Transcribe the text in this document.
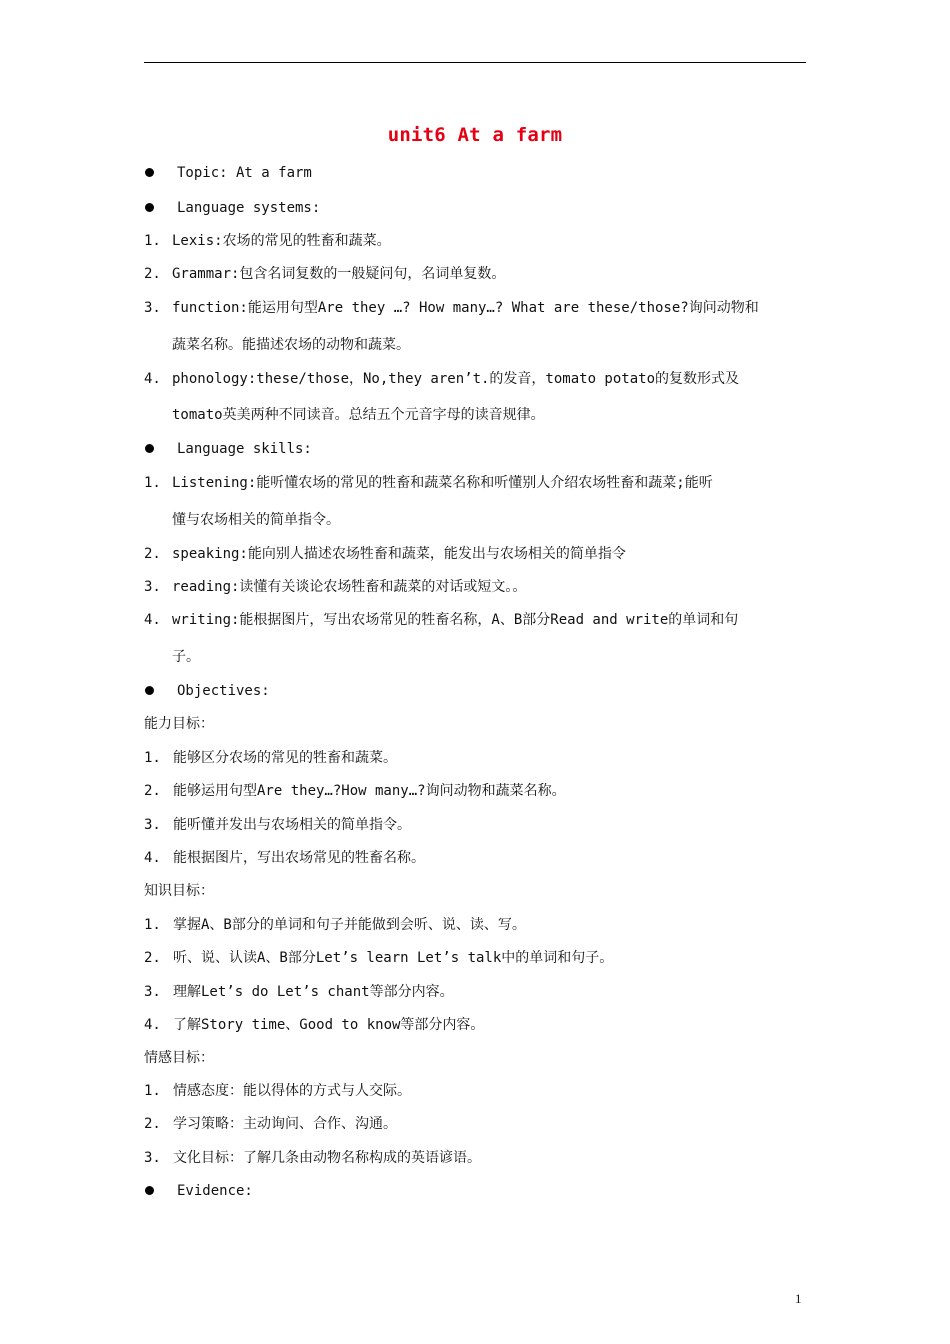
unit6 At a farm
Topic: At a farm
Language systems:
1. Lexis:农场的常见的牲畜和蔬菜。
2. Grammar:包含名词复数的一般疑问句，名词单复数。
3. function:能运用句型Are they …? How many…? What are these/those?询问动物和
蔬菜名称。能描述农场的动物和蔬菜。
4. phonology:these/those，No,they aren’t.的发音，tomato potato的复数形式及
tomato英美两种不同读音。总结五个元音字母的读音规律。
Language skills:
1. Listening:能听懂农场的常见的牲畜和蔬菜名称和听懂别人介绍农场牲畜和蔬菜;能听
懂与农场相关的简单指令。
2. speaking:能向别人描述农场牲畜和蔬菜，能发出与农场相关的简单指令
3. reading:读懂有关谈论农场牲畜和蔬菜的对话或短文。。
4. writing:能根据图片，写出农场常见的牲畜名称，A、B部分Read and write的单词和句
子。
Objectives:
能力目标：
1. 能够区分农场的常见的牲畜和蔬菜。
2. 能够运用句型Are they…?How many…?询问动物和蔬菜名称。
3. 能听懂并发出与农场相关的简单指令。
4. 能根据图片，写出农场常见的牲畜名称。
知识目标：
1. 掌握A、B部分的单词和句子并能做到会听、说、读、写。
2. 听、说、认读A、B部分Let’s learn Let’s talk中的单词和句子。
3. 理解Let’s do Let’s chant等部分内容。
4. 了解Story time、Good to know等部分内容。
情感目标：
1. 情感态度：能以得体的方式与人交际。
2. 学习策略：主动询问、合作、沟通。
3. 文化目标：了解几条由动物名称构成的英语谚语。
Evidence:
1
